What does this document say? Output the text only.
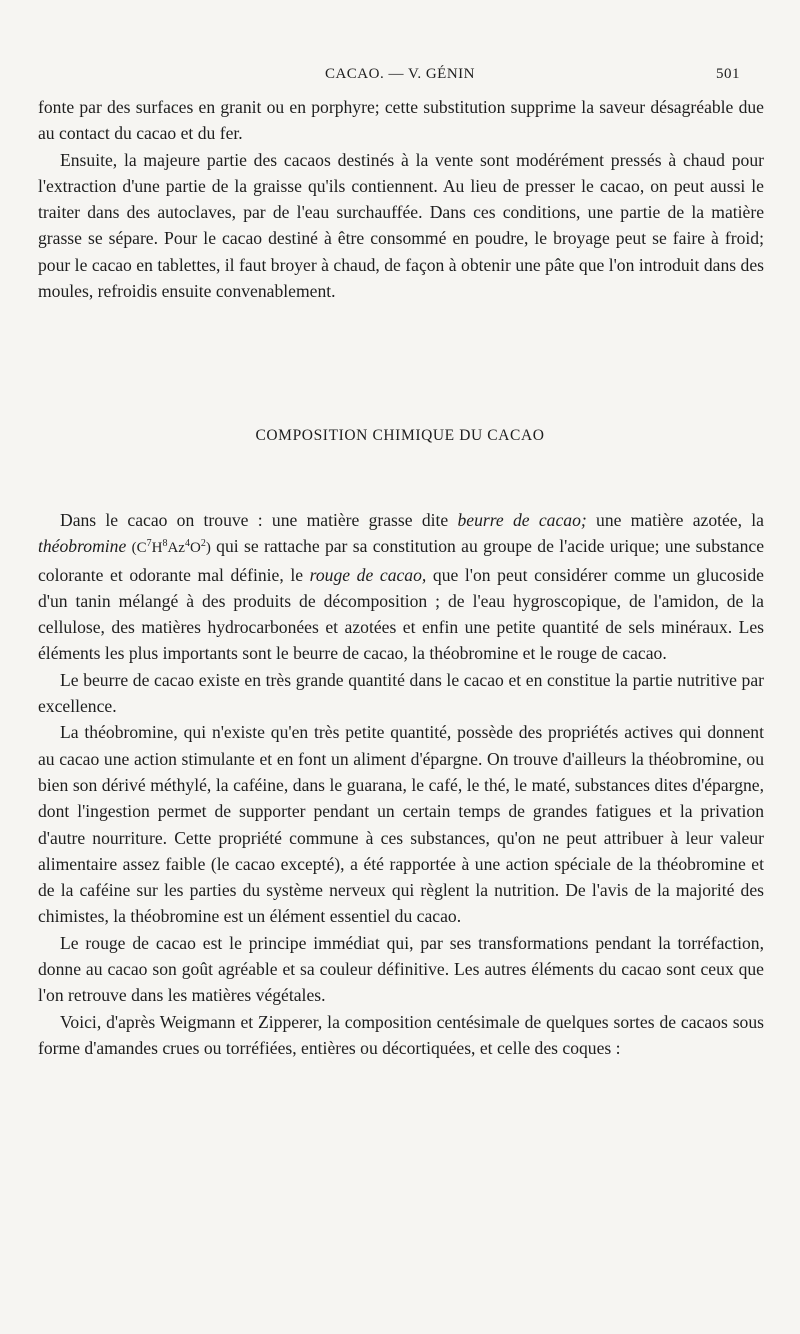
CACAO. — V. GÉNIN	501

fonte par des surfaces en granit ou en porphyre; cette substitution supprime la saveur désagréable due au contact du cacao et du fer.

Ensuite, la majeure partie des cacaos destinés à la vente sont modérément pressés à chaud pour l'extraction d'une partie de la graisse qu'ils contiennent. Au lieu de presser le cacao, on peut aussi le traiter dans des autoclaves, par de l'eau surchauffée. Dans ces conditions, une partie de la matière grasse se sépare. Pour le cacao destiné à être consommé en poudre, le broyage peut se faire à froid; pour le cacao en tablettes, il faut broyer à chaud, de façon à obtenir une pâte que l'on introduit dans des moules, refroidis ensuite convenablement.

COMPOSITION CHIMIQUE DU CACAO

Dans le cacao on trouve : une matière grasse dite beurre de cacao; une matière azotée, la théobromine $(C^7H^8Az^4O^2)$ qui se rattache par sa constitution au groupe de l'acide urique; une substance colorante et odorante mal définie, le rouge de cacao, que l'on peut considérer comme un glucoside d'un tanin mélangé à des produits de décomposition ; de l'eau hygroscopique, de l'amidon, de la cellulose, des matières hydrocarbonées et azotées et enfin une petite quantité de sels minéraux. Les éléments les plus importants sont le beurre de cacao, la théobromine et le rouge de cacao.

Le beurre de cacao existe en très grande quantité dans le cacao et en constitue la partie nutritive par excellence.

La théobromine, qui n'existe qu'en très petite quantité, possède des propriétés actives qui donnent au cacao une action stimulante et en font un aliment d'épargne. On trouve d'ailleurs la théobromine, ou bien son dérivé méthylé, la caféine, dans le guarana, le café, le thé, le maté, substances dites d'épargne, dont l'ingestion permet de supporter pendant un certain temps de grandes fatigues et la privation d'autre nourriture. Cette propriété commune à ces substances, qu'on ne peut attribuer à leur valeur alimentaire assez faible (le cacao excepté), a été rapportée à une action spéciale de la théobromine et de la caféine sur les parties du système nerveux qui règlent la nutrition. De l'avis de la majorité des chimistes, la théobromine est un élément essentiel du cacao.

Le rouge de cacao est le principe immédiat qui, par ses transformations pendant la torréfaction, donne au cacao son goût agréable et sa couleur définitive. Les autres éléments du cacao sont ceux que l'on retrouve dans les matières végétales.

Voici, d'après Weigmann et Zipperer, la composition centésimale de quelques sortes de cacaos sous forme d'amandes crues ou torréfiées, entières ou décortiquées, et celle des coques :
